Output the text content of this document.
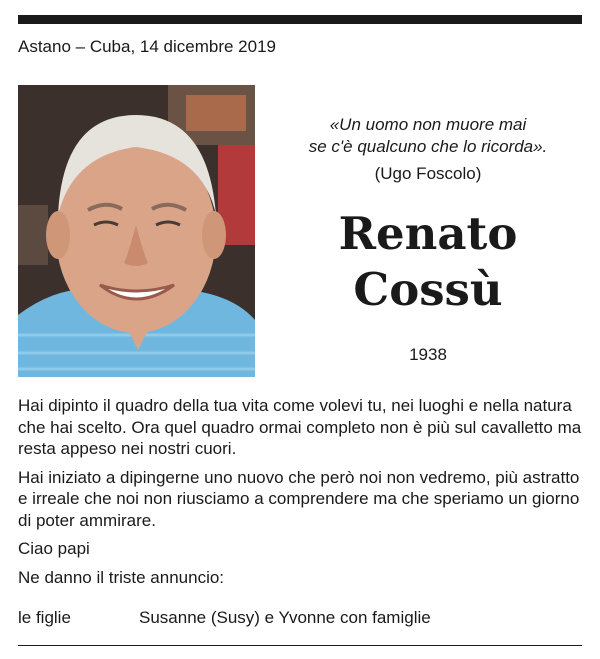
Astano – Cuba, 14 dicembre 2019
«Un uomo non muore mai
se c'è qualcuno che lo ricorda».
(Ugo Foscolo)
Renato
Cossù
1938

Hai dipinto il quadro della tua vita come volevi tu, nei luoghi e nella natura che hai scelto. Ora quel quadro ormai completo non è più sul cavalletto ma resta appeso nei nostri cuori.

Hai iniziato a dipingerne uno nuovo che però noi non vedremo, più astratto e irreale che noi non riusciamo a comprendere ma che speriamo un giorno di poter ammirare.

Ciao papi

Ne danno il triste annuncio:

le figlie	Susanne (Susy) e Yvonne con famiglie
